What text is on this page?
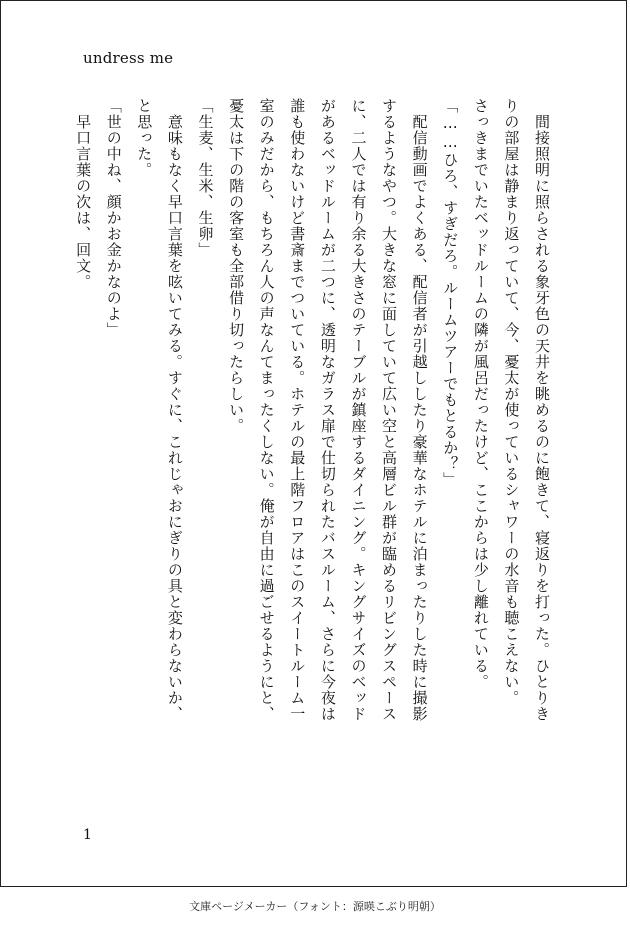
undress me
　間接照明に照らされる象牙色の天井を眺めるのに飽きて、寝返りを打った。ひとりき
りの部屋は静まり返っていて、今、憂太が使っているシャワーの水音も聴こえない。
さっきまでいたベッドルームの隣が風呂だったけど、ここからは少し離れている。
「……ひろ、すぎだろ。ルームツアーでもとるか？」
　配信動画でよくある、配信者が引越ししたり豪華なホテルに泊まったりした時に撮影
するようなやつ。大きな窓に面していて広い空と高層ビル群が臨めるリビングスペース
に、二人では有り余る大きさのテーブルが鎮座するダイニング。キングサイズのベッド
があるベッドルームが二つに、透明なガラス扉で仕切られたバスルーム、さらに今夜は
誰も使わないけど書斎までついている。ホテルの最上階フロアはこのスイートルーム一
室のみだから、もちろん人の声なんてまったくしない。俺が自由に過ごせるようにと、
憂太は下の階の客室も全部借り切ったらしい。
「生麦、生米、生卵」
　意味もなく早口言葉を呟いてみる。すぐに、これじゃおにぎりの具と変わらないか、
と思った。
「世の中ね、顔かお金かなのよ」
　早口言葉の次は、回文。
1
文庫ページメーカー（フォント：源暎こぶり明朝）
